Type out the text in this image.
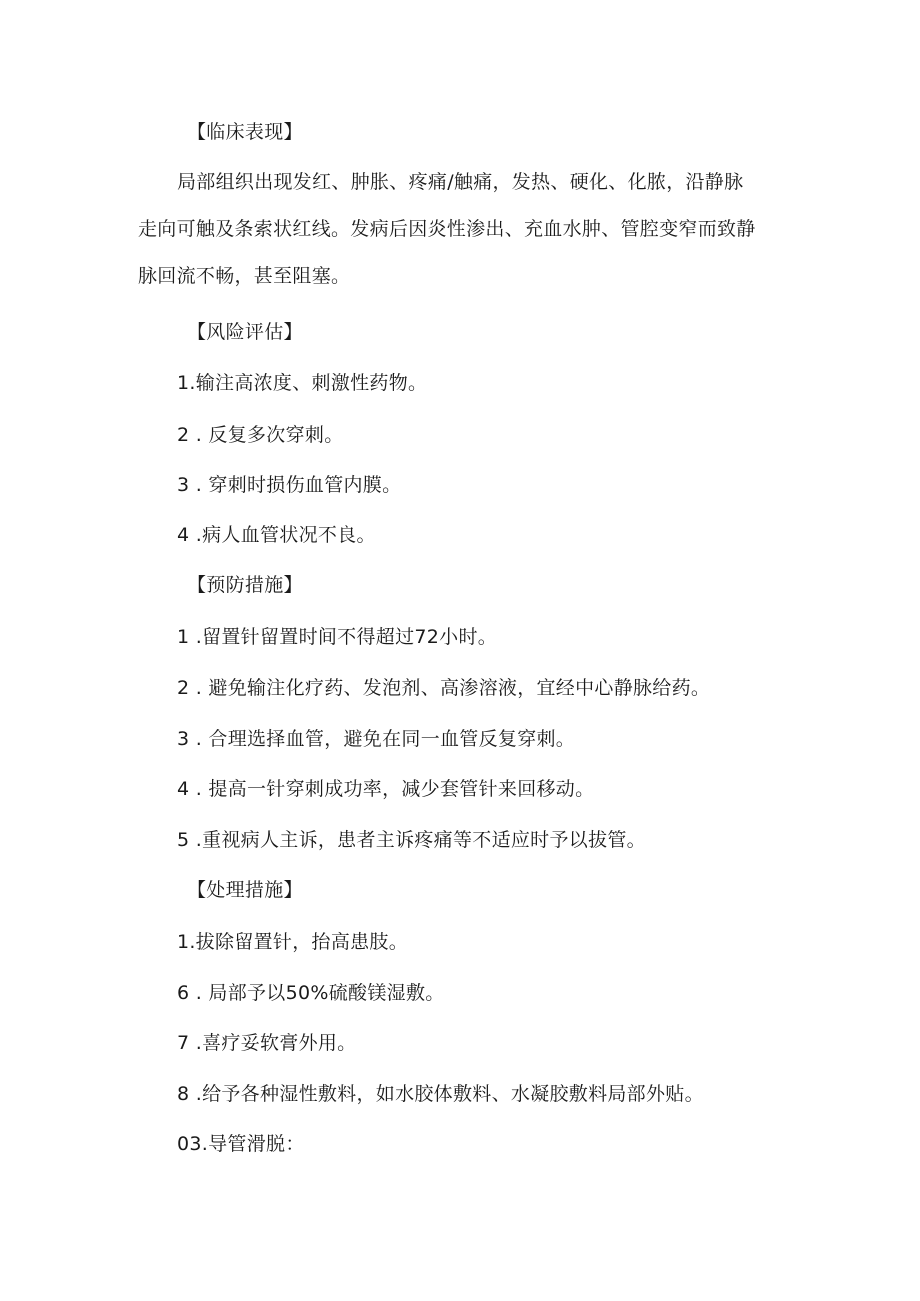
【临床表现】
局部组织出现发红、肿胀、疼痛/触痛，发热、硬化、化脓，沿静脉
走向可触及条索状红线。发病后因炎性渗出、充血水肿、管腔变窄而致静
脉回流不畅，甚至阻塞。
【风险评估】
1.输注高浓度、刺激性药物。
2 . 反复多次穿刺。
3 . 穿刺时损伤血管内膜。
4 .病人血管状况不良。
【预防措施】
1 .留置针留置时间不得超过72小时。
2 . 避免输注化疗药、发泡剂、高渗溶液，宜经中心静脉给药。
3 . 合理选择血管，避免在同一血管反复穿刺。
4 . 提高一针穿刺成功率，减少套管针来回移动。
5 .重视病人主诉，患者主诉疼痛等不适应时予以拔管。
【处理措施】
1.拔除留置针，抬高患肢。
6 . 局部予以50%硫酸镁湿敷。
7 .喜疗妥软膏外用。
8 .给予各种湿性敷料，如水胶体敷料、水凝胶敷料局部外贴。
03.导管滑脱：
